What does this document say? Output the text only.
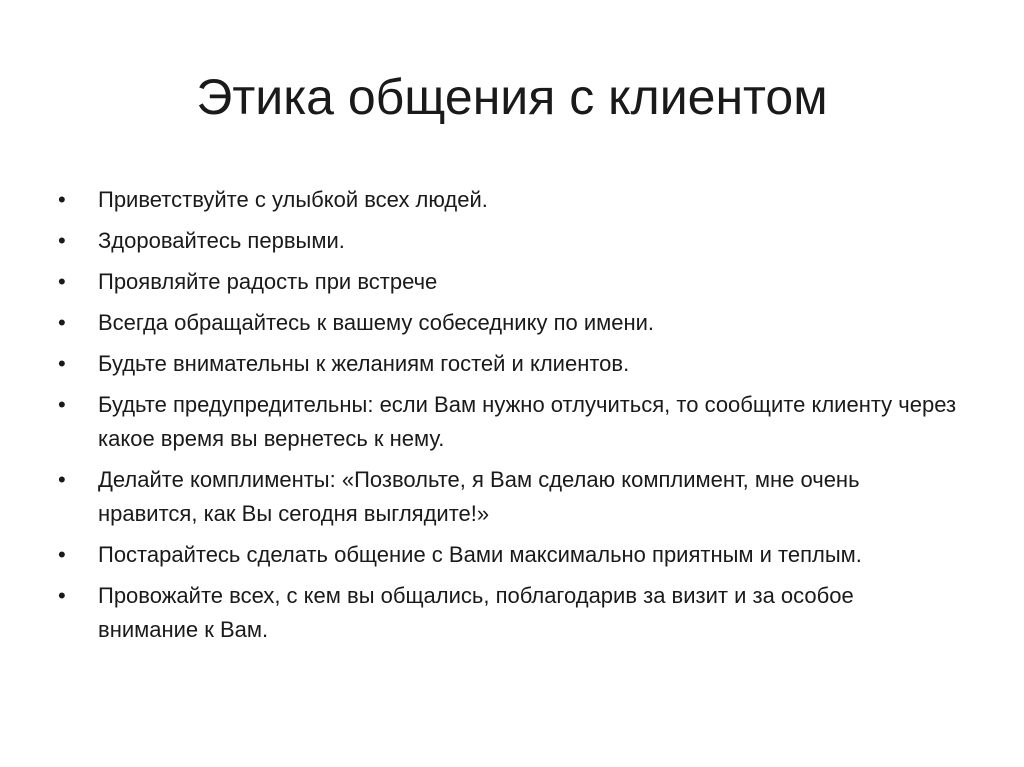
Этика общения с клиентом
•	Приветствуйте с улыбкой всех людей.
•	Здоровайтесь первыми.
•	Проявляйте радость при встрече
•	Всегда обращайтесь к вашему собеседнику по имени.
•	Будьте внимательны к желаниям гостей и клиентов.
•	Будьте предупредительны: если Вам нужно отлучиться, то сообщите клиенту через какое время вы вернетесь к нему.
•	Делайте комплименты: «Позвольте, я Вам сделаю комплимент, мне очень нравится, как Вы сегодня выглядите!»
•	Постарайтесь сделать общение с Вами максимально приятным и теплым.
•	Провожайте всех, с кем вы общались, поблагодарив за визит и за особое внимание к Вам.
